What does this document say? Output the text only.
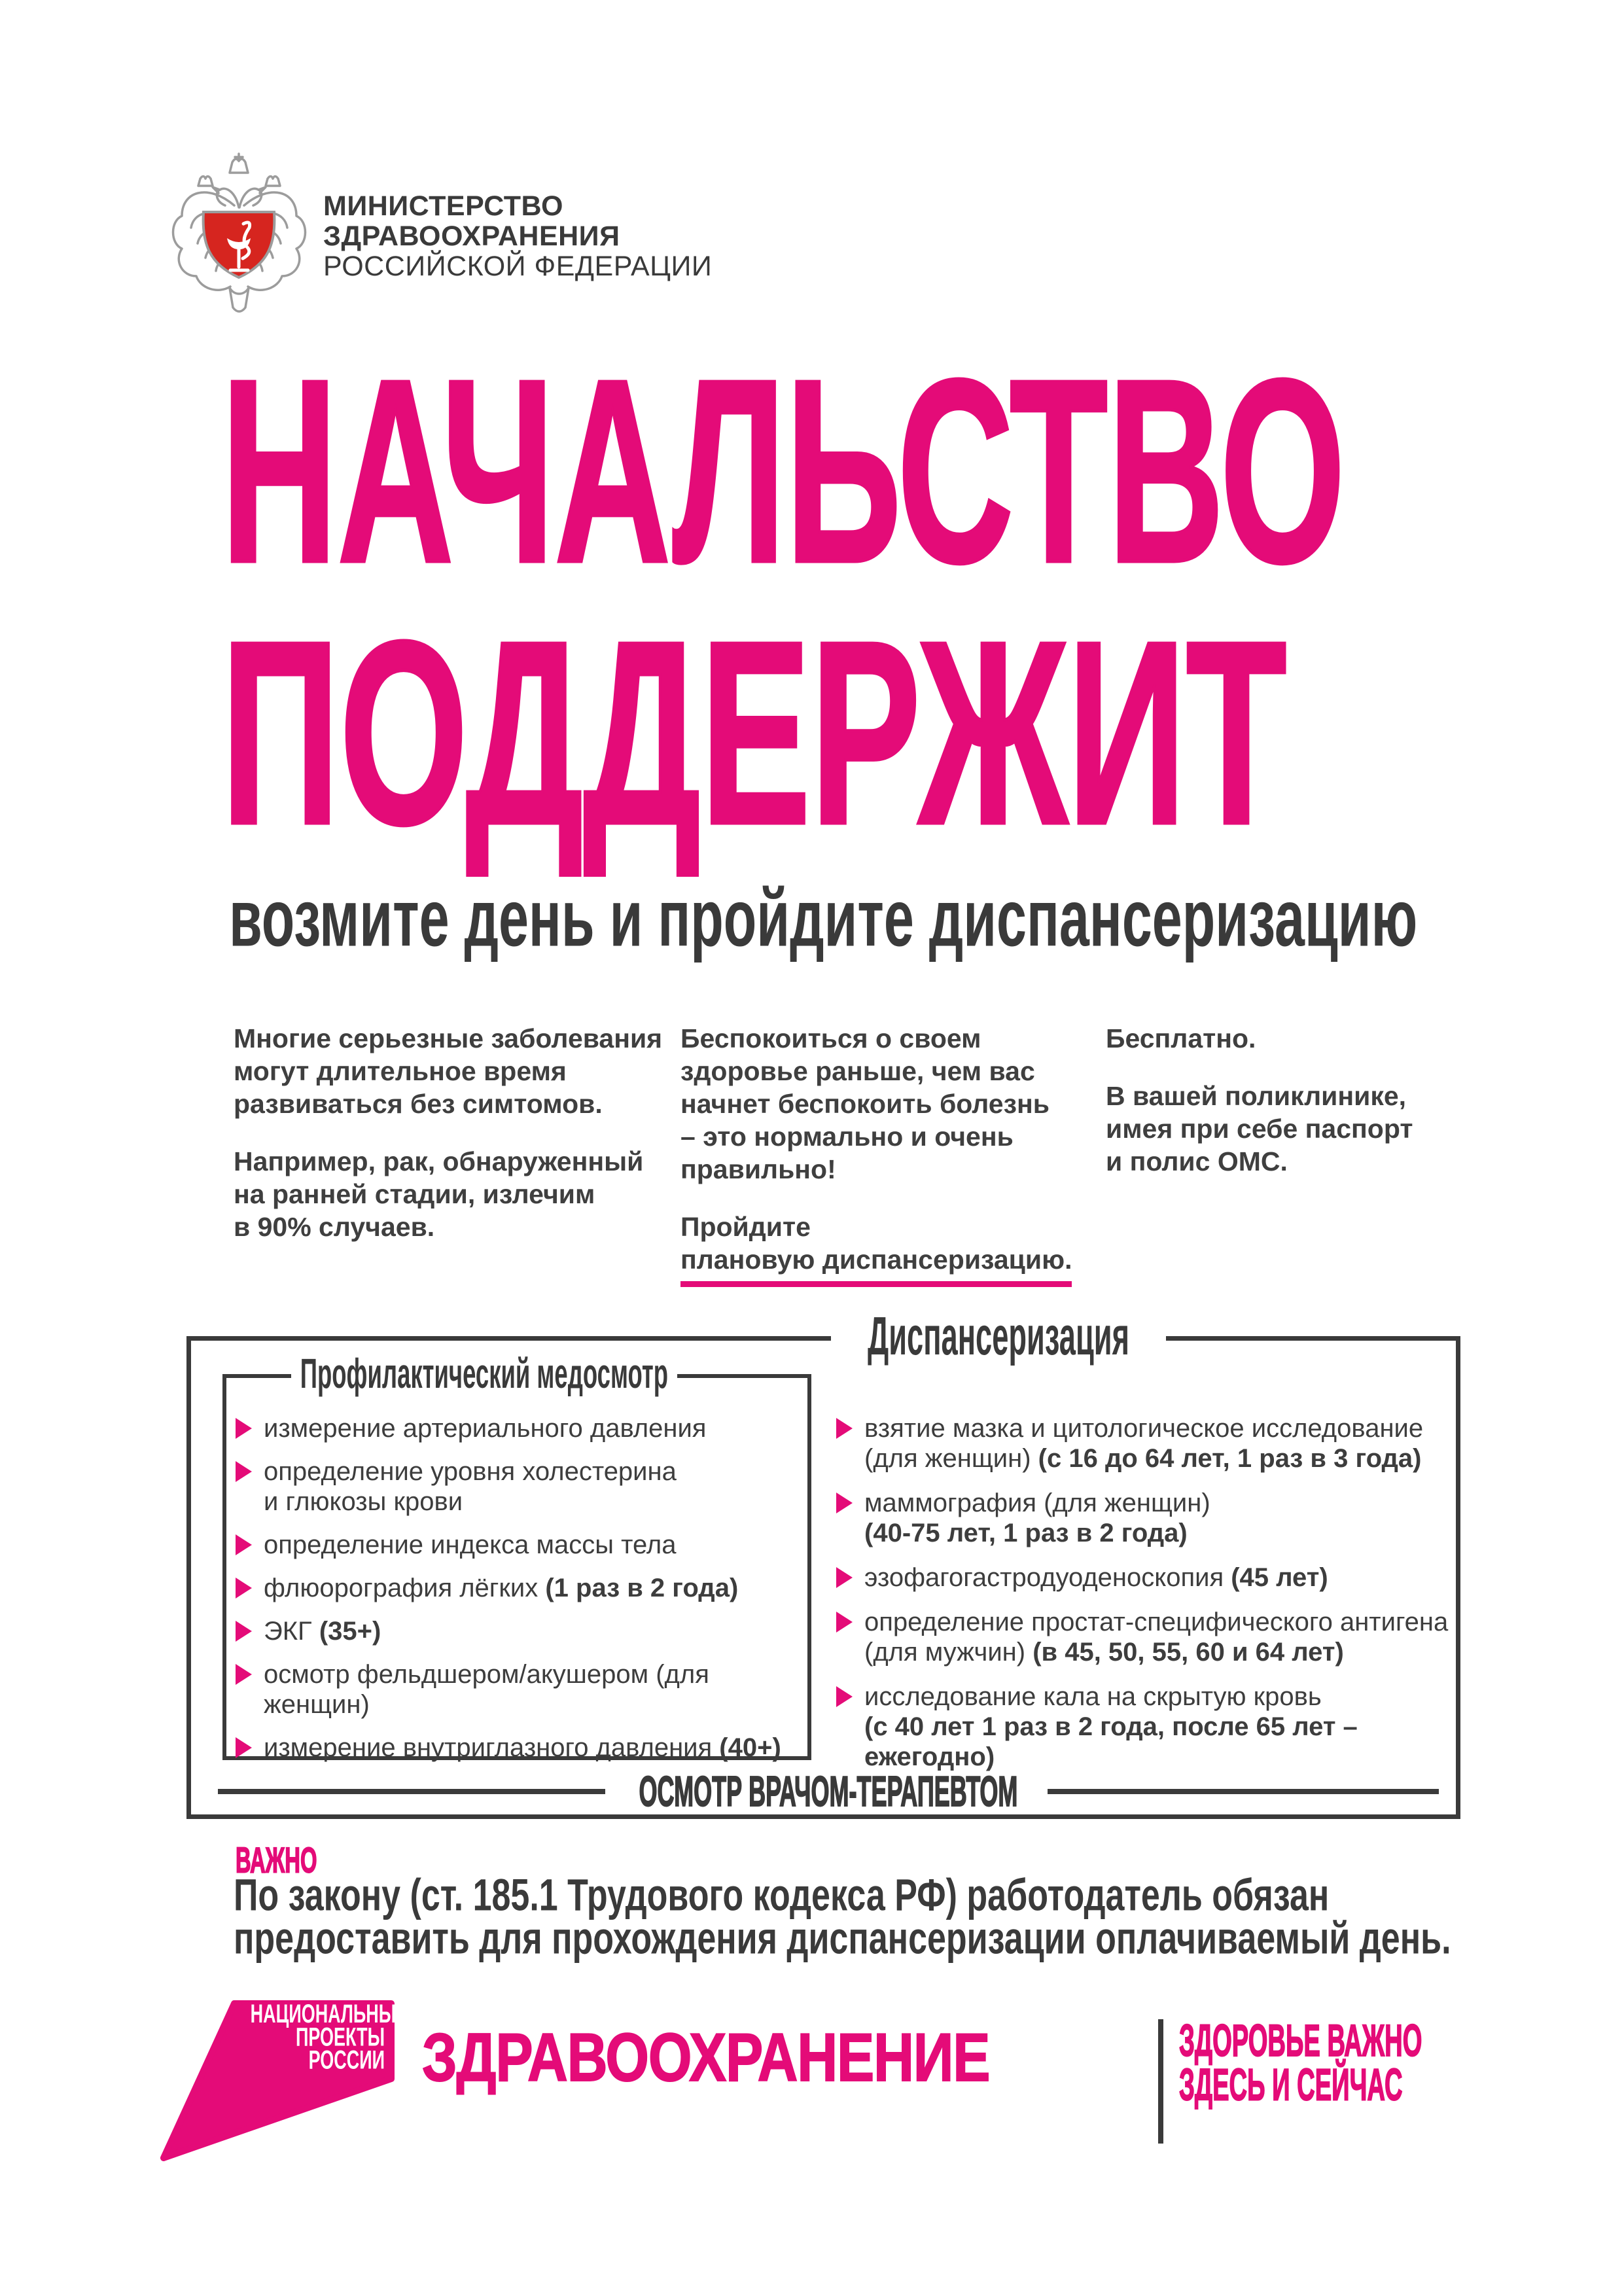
МИНИСТЕРСТВО
ЗДРАВООХРАНЕНИЯ
РОССИЙСКОЙ ФЕДЕРАЦИИ
НАЧАЛЬСТВО
ПОДДЕРЖИТ
возмите день и пройдите диспансеризацию

Многие серьезные заболевания
могут длительное время
развиваться без симтомов.

Например, рак, обнаруженный
на ранней стадии, излечим
в 90% случаев.

Беспокоиться о своем
здоровье раньше, чем вас
начнет беспокоить болезнь
– это нормально и очень
правильно!

Пройдите
плановую диспансеризацию.

Бесплатно.

В вашей поликлинике,
имея при себе паспорт
и полис ОМС.

Диспансеризация
Профилактический медосмотр
измерение артериального давления
определение уровня холестерина
и глюкозы крови
определение индекса массы тела
флюорография лёгких (1 раз в 2 года)
ЭКГ (35+)
осмотр фельдшером/акушером (для женщин)
измерение внутриглазного давления (40+)
взятие мазка и цитологическое исследование
(для женщин) (с 16 до 64 лет, 1 раз в 3 года)
маммография (для женщин)
(40-75 лет, 1 раз в 2 года)
эзофагогастродуоденоскопия (45 лет)
определение простат-специфического антигена
(для мужчин) (в 45, 50, 55, 60 и 64 лет)
исследование кала на скрытую кровь
(с 40 лет 1 раз в 2 года, после 65 лет – ежегодно)
ОСМОТР ВРАЧОМ-ТЕРАПЕВТОМ
ВАЖНО
По закону (ст. 185.1 Трудового кодекса РФ) работодатель обязан
предоставить для прохождения диспансеризации оплачиваемый день.
НАЦИОНАЛЬНЫЕ
ПРОЕКТЫ
РОССИИ ЗДРАВООХРАНЕНИЕ	ЗДОРОВЬЕ ВАЖНО
ЗДЕСЬ И СЕЙЧАС
